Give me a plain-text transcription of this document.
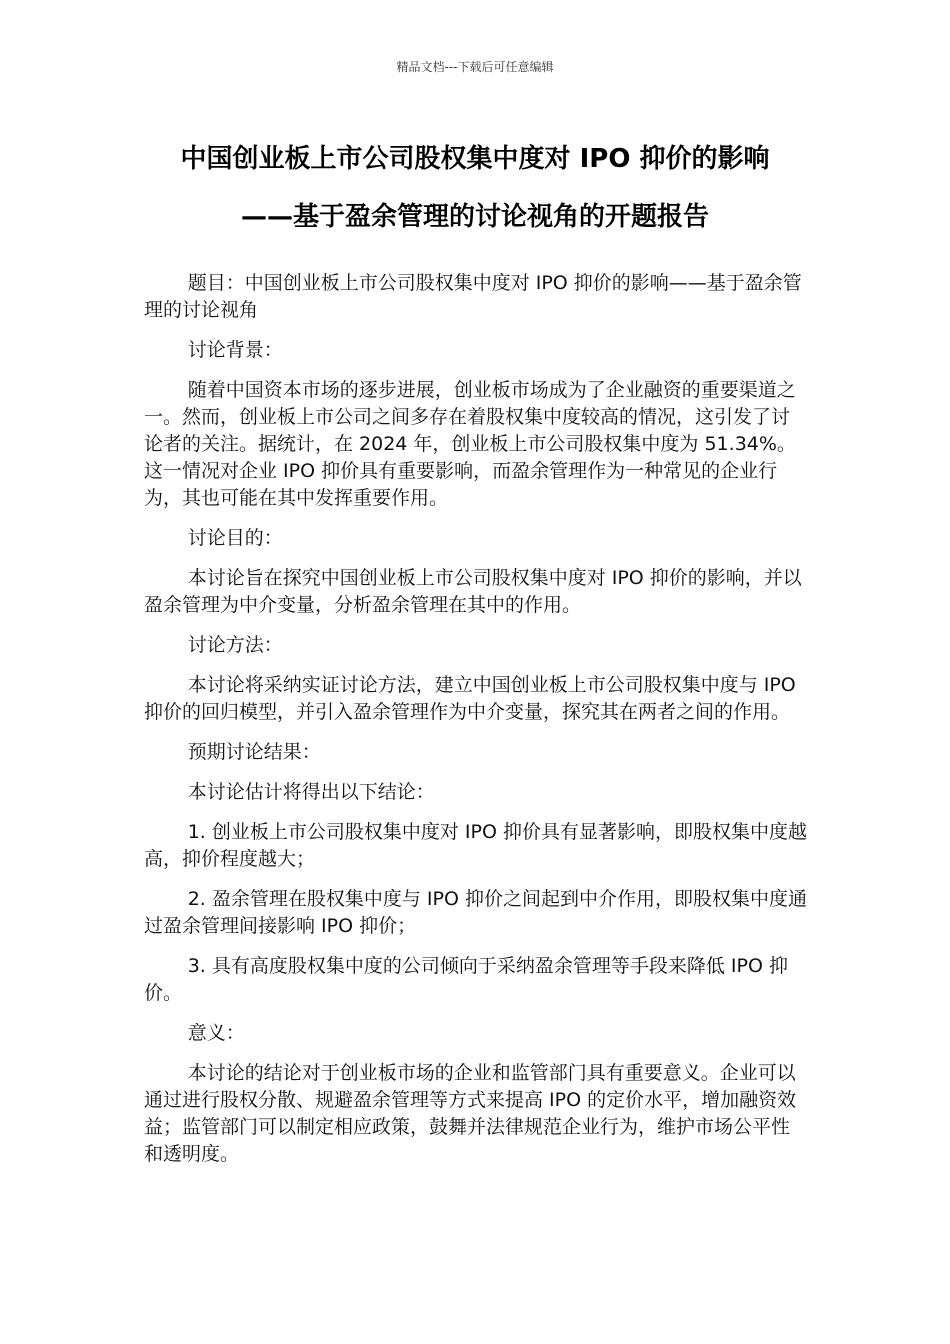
精品文档---下载后可任意编辑
中国创业板上市公司股权集中度对 IPO 抑价的影响
——基于盈余管理的讨论视角的开题报告

题目：中国创业板上市公司股权集中度对 IPO 抑价的影响——基于盈余管理的讨论视角

讨论背景：

随着中国资本市场的逐步进展，创业板市场成为了企业融资的重要渠道之一。然而，创业板上市公司之间多存在着股权集中度较高的情况，这引发了讨论者的关注。据统计，在 2024 年，创业板上市公司股权集中度为 51.34%。这一情况对企业 IPO 抑价具有重要影响，而盈余管理作为一种常见的企业行为，其也可能在其中发挥重要作用。

讨论目的：

本讨论旨在探究中国创业板上市公司股权集中度对 IPO 抑价的影响，并以盈余管理为中介变量，分析盈余管理在其中的作用。

讨论方法：

本讨论将采纳实证讨论方法，建立中国创业板上市公司股权集中度与 IPO 抑价的回归模型，并引入盈余管理作为中介变量，探究其在两者之间的作用。

预期讨论结果：

本讨论估计将得出以下结论：

1. 创业板上市公司股权集中度对 IPO 抑价具有显著影响，即股权集中度越高，抑价程度越大；

2. 盈余管理在股权集中度与 IPO 抑价之间起到中介作用，即股权集中度通过盈余管理间接影响 IPO 抑价；

3. 具有高度股权集中度的公司倾向于采纳盈余管理等手段来降低 IPO 抑价。

意义：

本讨论的结论对于创业板市场的企业和监管部门具有重要意义。企业可以通过进行股权分散、规避盈余管理等方式来提高 IPO 的定价水平，增加融资效益；监管部门可以制定相应政策，鼓舞并法律规范企业行为，维护市场公平性和透明度。
